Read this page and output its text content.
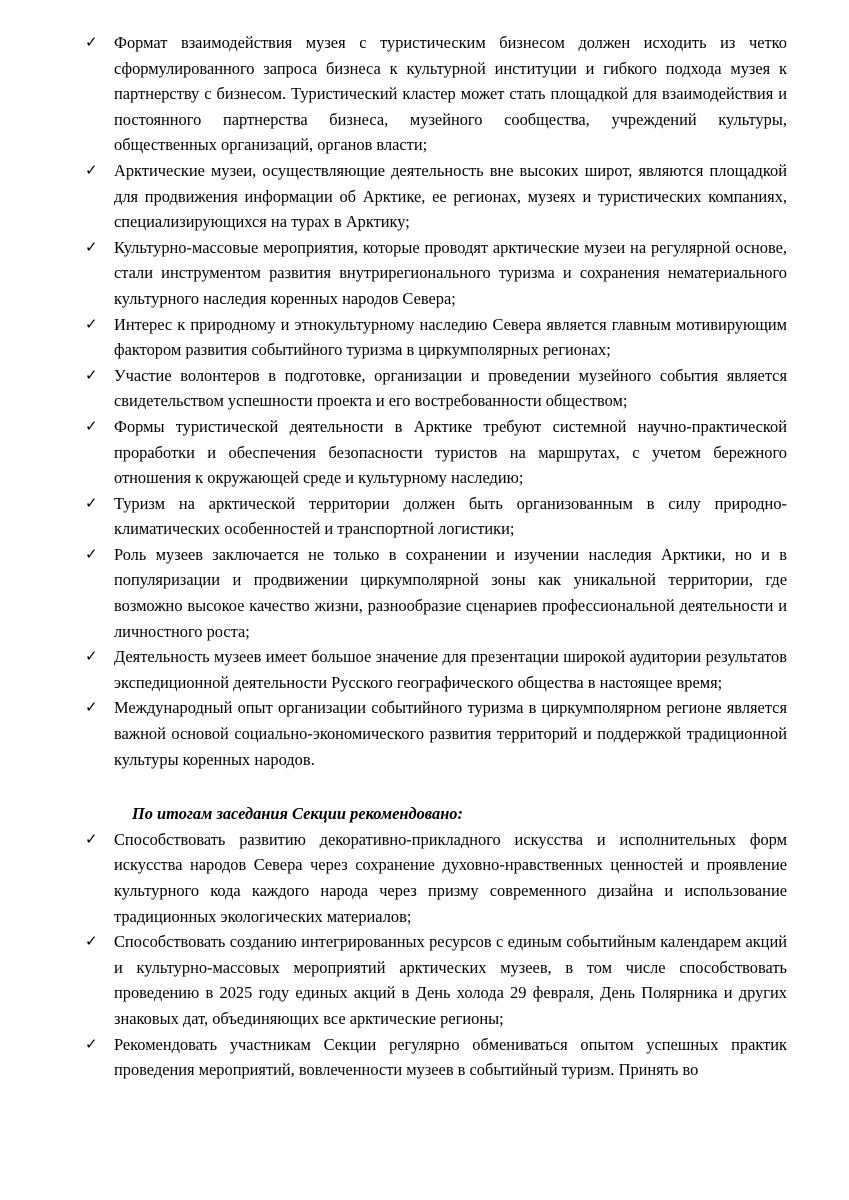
✓ Формат взаимодействия музея с туристическим бизнесом должен исходить из четко сформулированного запроса бизнеса к культурной институции и гибкого подхода музея к партнерству с бизнесом. Туристический кластер может стать площадкой для взаимодействия и постоянного партнерства бизнеса, музейного сообщества, учреждений культуры, общественных организаций, органов власти;
✓ Арктические музеи, осуществляющие деятельность вне высоких широт, являются площадкой для продвижения информации об Арктике, ее регионах, музеях и туристических компаниях, специализирующихся на турах в Арктику;
✓ Культурно-массовые мероприятия, которые проводят арктические музеи на регулярной основе, стали инструментом развития внутрирегионального туризма и сохранения нематериального культурного наследия коренных народов Севера;
✓ Интерес к природному и этнокультурному наследию Севера является главным мотивирующим фактором развития событийного туризма в циркумполярных регионах;
✓ Участие волонтеров в подготовке, организации и проведении музейного события является свидетельством успешности проекта и его востребованности обществом;
✓ Формы туристической деятельности в Арктике требуют системной научно-практической проработки и обеспечения безопасности туристов на маршрутах, с учетом бережного отношения к окружающей среде и культурному наследию;
✓ Туризм на арктической территории должен быть организованным в силу природно-климатических особенностей и транспортной логистики;
✓ Роль музеев заключается не только в сохранении и изучении наследия Арктики, но и в популяризации и продвижении циркумполярной зоны как уникальной территории, где возможно высокое качество жизни, разнообразие сценариев профессиональной деятельности и личностного роста;
✓ Деятельность музеев имеет большое значение для презентации широкой аудитории результатов экспедиционной деятельности Русского географического общества в настоящее время;
✓ Международный опыт организации событийного туризма в циркумполярном регионе является важной основой социально-экономического развития территорий и поддержкой традиционной культуры коренных народов.
По итогам заседания Секции рекомендовано:
✓ Способствовать развитию декоративно-прикладного искусства и исполнительных форм искусства народов Севера через сохранение духовно-нравственных ценностей и проявление культурного кода каждого народа через призму современного дизайна и использование традиционных экологических материалов;
✓ Способствовать созданию интегрированных ресурсов с единым событийным календарем акций и культурно-массовых мероприятий арктических музеев, в том числе способствовать проведению в 2025 году единых акций в День холода 29 февраля, День Полярника и других знаковых дат, объединяющих все арктические регионы;
✓ Рекомендовать участникам Секции регулярно обмениваться опытом успешных практик проведения мероприятий, вовлеченности музеев в событийный туризм. Принять во
